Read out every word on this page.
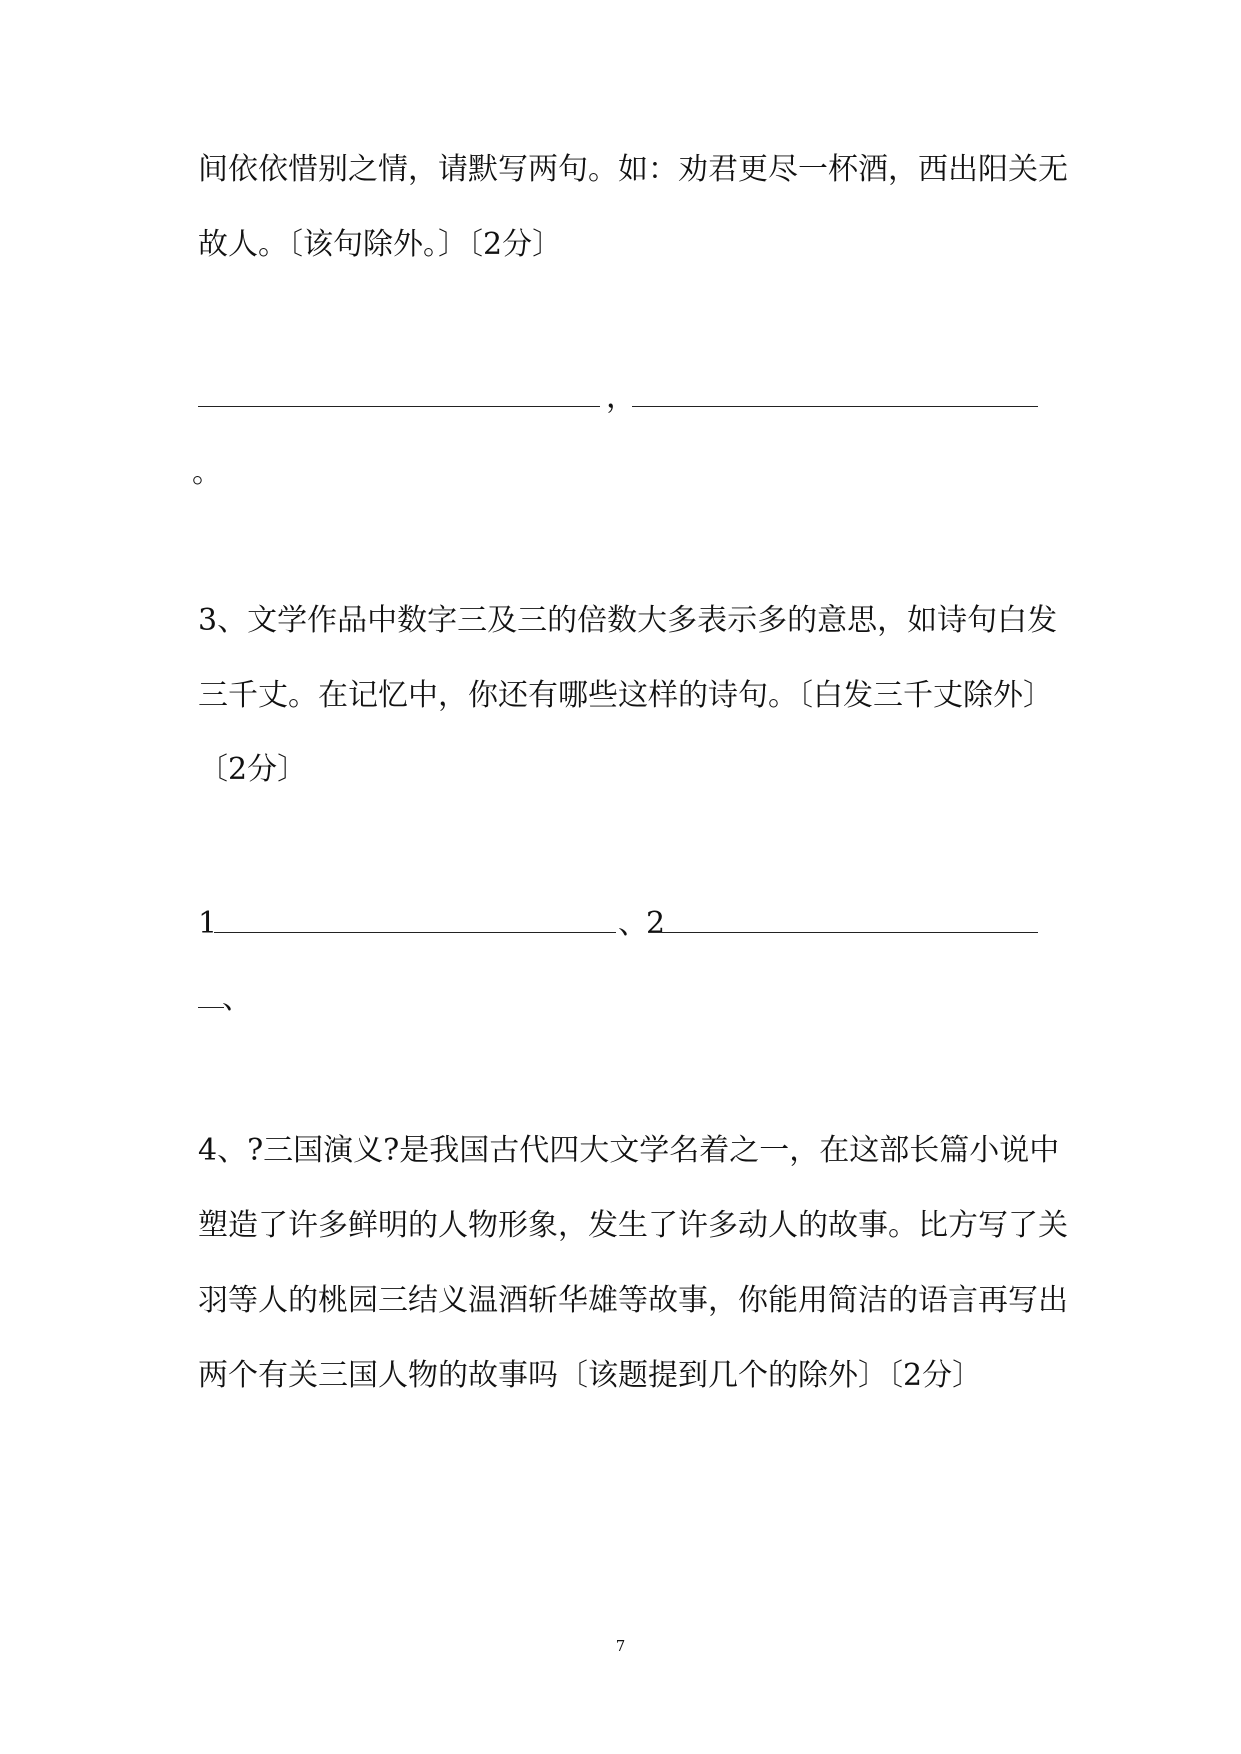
间依依惜别之情，请默写两句。如：劝君更尽一杯酒，西出阳关无

故人。〔该句除外。〕〔2分〕

，
。

3、文学作品中数字三及三的倍数大多表示多的意思，如诗句白发

三千丈。在记忆中，你还有哪些这样的诗句。〔白发三千丈除外〕

〔2分〕

1	、
2
、

4、?三国演义?是我国古代四大文学名着之一，在这部长篇小说中

塑造了许多鲜明的人物形象，发生了许多动人的故事。比方写了关

羽等人的桃园三结义温酒斩华雄等故事，你能用简洁的语言再写出

两个有关三国人物的故事吗〔该题提到几个的除外〕〔2分〕

7
